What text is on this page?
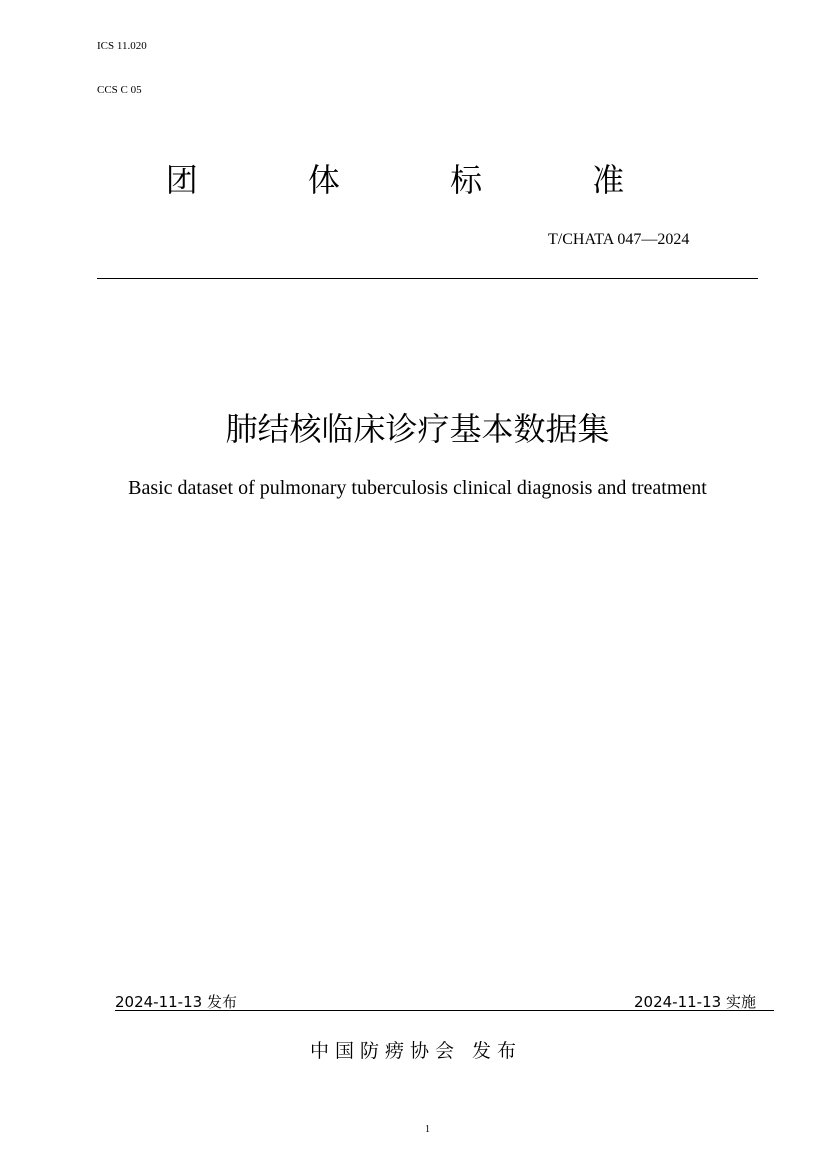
ICS 11.020
CCS C 05
团 体 标 准
T/CHATA 047—2024
肺结核临床诊疗基本数据集
Basic dataset of pulmonary tuberculosis clinical diagnosis and treatment
2024-11-13 发布	2024-11-13 实施
中国防痨协会 发布
1
